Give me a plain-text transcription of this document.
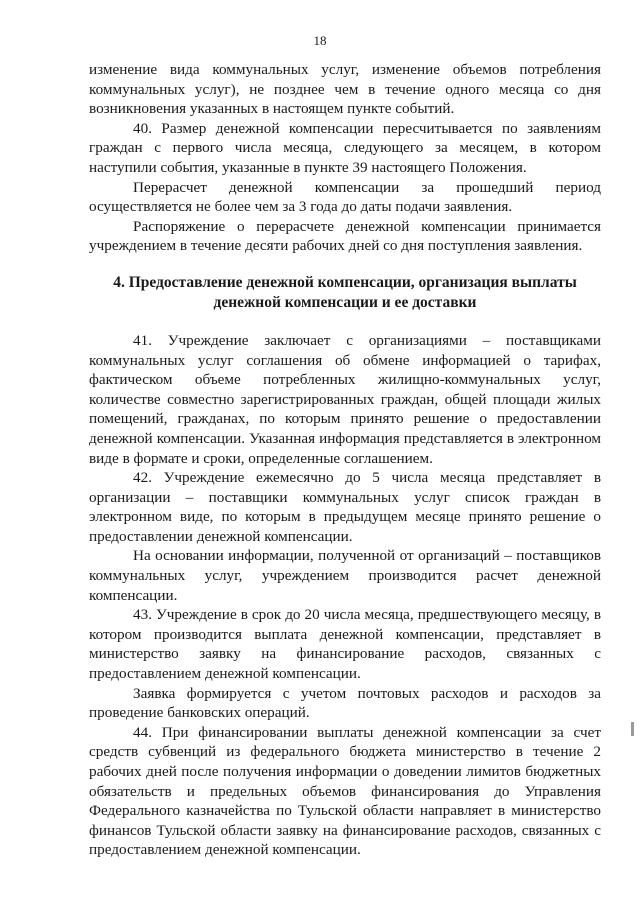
18

изменение вида коммунальных услуг, изменение объемов потребления коммунальных услуг), не позднее чем в течение одного месяца со дня возникновения указанных в настоящем пункте событий.

40. Размер денежной компенсации пересчитывается по заявлениям граждан с первого числа месяца, следующего за месяцем, в котором наступили события, указанные в пункте 39 настоящего Положения.

Перерасчет денежной компенсации за прошедший период осуществляется не более чем за 3 года до даты подачи заявления.

Распоряжение о перерасчете денежной компенсации принимается учреждением в течение десяти рабочих дней со дня поступления заявления.

4. Предоставление денежной компенсации, организация выплаты денежной компенсации и ее доставки

41. Учреждение заключает с организациями – поставщиками коммунальных услуг соглашения об обмене информацией о тарифах, фактическом объеме потребленных жилищно-коммунальных услуг, количестве совместно зарегистрированных граждан, общей площади жилых помещений, гражданах, по которым принято решение о предоставлении денежной компенсации. Указанная информация представляется в электронном виде в формате и сроки, определенные соглашением.

42. Учреждение ежемесячно до 5 числа месяца представляет в организации – поставщики коммунальных услуг список граждан в электронном виде, по которым в предыдущем месяце принято решение о предоставлении денежной компенсации.

На основании информации, полученной от организаций – поставщиков коммунальных услуг, учреждением производится расчет денежной компенсации.

43. Учреждение в срок до 20 числа месяца, предшествующего месяцу, в котором производится выплата денежной компенсации, представляет в министерство заявку на финансирование расходов, связанных с предоставлением денежной компенсации.

Заявка формируется с учетом почтовых расходов и расходов за проведение банковских операций.

44. При финансировании выплаты денежной компенсации за счет средств субвенций из федерального бюджета министерство в течение 2 рабочих дней после получения информации о доведении лимитов бюджетных обязательств и предельных объемов финансирования до Управления Федерального казначейства по Тульской области направляет в министерство финансов Тульской области заявку на финансирование расходов, связанных с предоставлением денежной компенсации.
